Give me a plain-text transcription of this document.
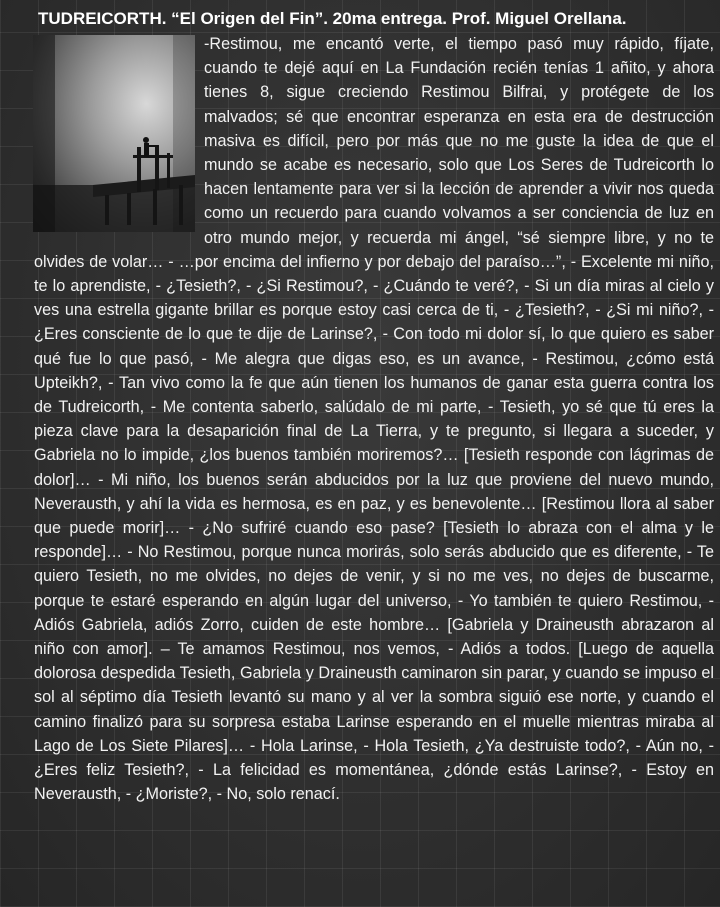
TUDREICORTH. “El Origen del Fin”. 20ma entrega. Prof. Miguel Orellana.

-Restimou, me encantó verte, el tiempo pasó muy rápido, fíjate, cuando te dejé aquí en La Fundación recién tenías 1 añito, y ahora tienes 8, sigue creciendo Restimou Bilfrai, y protégete de los malvados; sé que encontrar esperanza en esta era de destrucción masiva es difícil, pero por más que no me guste la idea de que el mundo se acabe es necesario, solo que Los Seres de Tudreicorth lo hacen lentamente para ver si la lección de aprender a vivir nos queda como un recuerdo para cuando volvamos a ser conciencia de luz en otro mundo mejor, y recuerda mi ángel, “sé siempre libre, y no te olvides de volar… - …por encima del infierno y por debajo del paraíso…”, - Excelente mi niño, te lo aprendiste, - ¿Tesieth?, - ¿Si Restimou?, - ¿Cuándo te veré?, - Si un día miras al cielo y ves una estrella gigante brillar es porque estoy casi cerca de ti, - ¿Tesieth?, - ¿Si mi niño?, - ¿Eres consciente de lo que te dije de Larinse?, - Con todo mi dolor sí, lo que quiero es saber qué fue lo que pasó, - Me alegra que digas eso, es un avance, - Restimou, ¿cómo está Upteikh?, - Tan vivo como la fe que aún tienen los humanos de ganar esta guerra contra los de Tudreicorth, - Me contenta saberlo, salúdalo de mi parte, - Tesieth, yo sé que tú eres la pieza clave para la desaparición final de La Tierra, y te pregunto, si llegara a suceder, y Gabriela no lo impide, ¿los buenos también moriremos?… [Tesieth responde con lágrimas de dolor]… - Mi niño, los buenos serán abducidos por la luz que proviene del nuevo mundo, Neverausth, y ahí la vida es hermosa, es en paz, y es benevolente… [Restimou llora al saber que puede morir]… - ¿No sufriré cuando eso pase? [Tesieth lo abraza con el alma y le responde]… - No Restimou, porque nunca morirás, solo serás abducido que es diferente, - Te quiero Tesieth, no me olvides, no dejes de venir, y si no me ves, no dejes de buscarme, porque te estaré esperando en algún lugar del universo, - Yo también te quiero Restimou, - Adiós Gabriela, adiós Zorro, cuiden de este hombre… [Gabriela y Draineusth abrazaron al niño con amor]. – Te amamos Restimou, nos vemos, - Adiós a todos. [Luego de aquella dolorosa despedida Tesieth, Gabriela y Draineusth caminaron sin parar, y cuando se impuso el sol al séptimo día Tesieth levantó su mano y al ver la sombra siguió ese norte, y cuando el camino finalizó para su sorpresa estaba Larinse esperando en el muelle mientras miraba al Lago de Los Siete Pilares]… - Hola Larinse, - Hola Tesieth, ¿Ya destruiste todo?, - Aún no, - ¿Eres feliz Tesieth?, - La felicidad es momentánea, ¿dónde estás Larinse?, - Estoy en Neverausth, - ¿Moriste?, - No, solo renací.
